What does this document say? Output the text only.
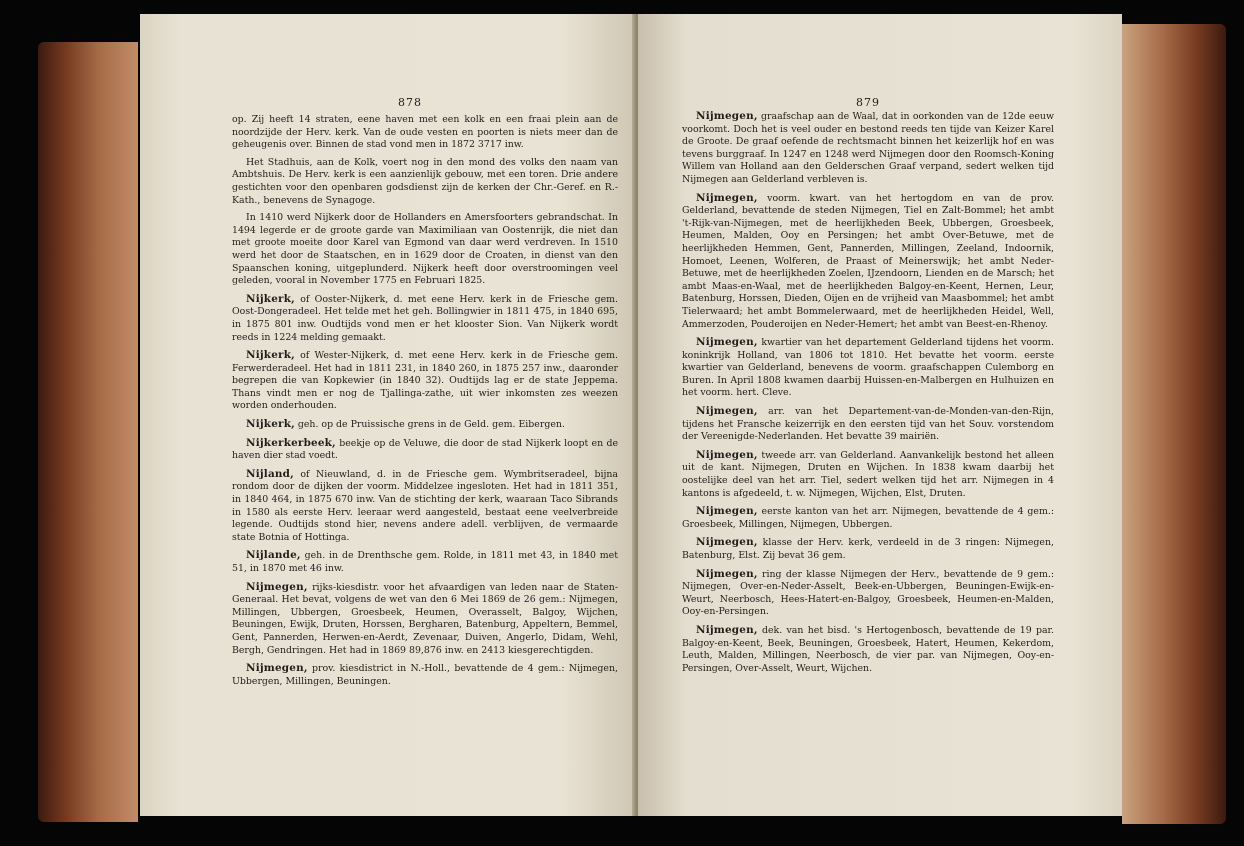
878

op. Zij heeft 14 straten, eene haven met een kolk en een fraai plein aan de noordzijde der Herv. kerk. Van de oude vesten en poorten is niets meer dan de geheugenis over. Binnen de stad vond men in 1872 3717 inw.

Het Stadhuis, aan de Kolk, voert nog in den mond des volks den naam van Ambtshuis. De Herv. kerk is een aanzienlijk gebouw, met een toren. Drie andere gestichten voor den openbaren godsdienst zijn de kerken der Chr.-Geref. en R.-Kath., benevens de Synagoge.

In 1410 werd Nijkerk door de Hollanders en Amersfoorters gebrandschat. In 1494 legerde er de groote garde van Maximiliaan van Oostenrijk, die niet dan met groote moeite door Karel van Egmond van daar werd verdreven. In 1510 werd het door de Staatschen, en in 1629 door de Croaten, in dienst van den Spaanschen koning, uitgeplunderd. Nijkerk heeft door overstroomingen veel geleden, vooral in November 1775 en Februari 1825.

Nijkerk, of Ooster-Nijkerk, d. met eene Herv. kerk in de Friesche gem. Oost-Dongeradeel. Het telde met het geh. Bollingwier in 1811 475, in 1840 695, in 1875 801 inw. Oudtijds vond men er het klooster Sion. Van Nijkerk wordt reeds in 1224 melding gemaakt.

Nijkerk, of Wester-Nijkerk, d. met eene Herv. kerk in de Friesche gem. Ferwerderadeel. Het had in 1811 231, in 1840 260, in 1875 257 inw., daaronder begrepen die van Kopkewier (in 1840 32). Oudtijds lag er de state Jeppema. Thans vindt men er nog de Tjallinga-zathe, uit wier inkomsten zes weezen worden onderhouden.

Nijkerk, geh. op de Pruissische grens in de Geld. gem. Eibergen.

Nijkerkerbeek, beekje op de Veluwe, die door de stad Nijkerk loopt en de haven dier stad voedt.

Nijland, of Nieuwland, d. in de Friesche gem. Wymbritseradeel, bijna rondom door de dijken der voorm. Middelzee ingesloten. Het had in 1811 351, in 1840 464, in 1875 670 inw. Van de stichting der kerk, waaraan Taco Sibrands in 1580 als eerste Herv. leeraar werd aangesteld, bestaat eene veelverbreide legende. Oudtijds stond hier, nevens andere adell. verblijven, de vermaarde state Botnia of Hottinga.

Nijlande, geh. in de Drenthsche gem. Rolde, in 1811 met 43, in 1840 met 51, in 1870 met 46 inw.

Nijmegen, rijks-kiesdistr. voor het afvaardigen van leden naar de Staten-Generaal. Het bevat, volgens de wet van den 6 Mei 1869 de 26 gem.: Nijmegen, Millingen, Ubbergen, Groesbeek, Heumen, Overasselt, Balgoy, Wijchen, Beuningen, Ewijk, Druten, Horssen, Bergharen, Batenburg, Appeltern, Bemmel, Gent, Pannerden, Herwen-en-Aerdt, Zevenaar, Duiven, Angerlo, Didam, Wehl, Bergh, Gendringen. Het had in 1869 89,876 inw. en 2413 kiesgerechtigden.

Nijmegen, prov. kiesdistrict in N.-Holl., bevattende de 4 gem.: Nijmegen, Ubbergen, Millingen, Beuningen.

879

Nijmegen, graafschap aan de Waal, dat in oorkonden van de 12de eeuw voorkomt. Doch het is veel ouder en bestond reeds ten tijde van Keizer Karel de Groote. De graaf oefende de rechtsmacht binnen het keizerlijk hof en was tevens burggraaf. In 1247 en 1248 werd Nijmegen door den Roomsch-Koning Willem van Holland aan den Gelderschen Graaf verpand, sedert welken tijd Nijmegen aan Gelderland verbleven is.

Nijmegen, voorm. kwart. van het hertogdom en van de prov. Gelderland, bevattende de steden Nijmegen, Tiel en Zalt-Bommel; het ambt 't-Rijk-van-Nijmegen, met de heerlijkheden Beek, Ubbergen, Groesbeek, Heumen, Malden, Ooy en Persingen; het ambt Over-Betuwe, met de heerlijkheden Hemmen, Gent, Pannerden, Millingen, Zeeland, Indoornik, Homoet, Leenen, Wolferen, de Praast of Meinerswijk; het ambt Neder-Betuwe, met de heerlijkheden Zoelen, IJzendoorn, Lienden en de Marsch; het ambt Maas-en-Waal, met de heerlijkheden Balgoy-en-Keent, Hernen, Leur, Batenburg, Horssen, Dieden, Oijen en de vrijheid van Maasbommel; het ambt Tielerwaard; het ambt Bommelerwaard, met de heerlijkheden Heidel, Well, Ammerzoden, Pouderoijen en Neder-Hemert; het ambt van Beest-en-Rhenoy.

Nijmegen, kwartier van het departement Gelderland tijdens het voorm. koninkrijk Holland, van 1806 tot 1810. Het bevatte het voorm. eerste kwartier van Gelderland, benevens de voorm. graafschappen Culemborg en Buren. In April 1808 kwamen daarbij Huissen-en-Malbergen en Hulhuizen en het voorm. hert. Cleve.

Nijmegen, arr. van het Departement-van-de-Monden-van-den-Rijn, tijdens het Fransche keizerrijk en den eersten tijd van het Souv. vorstendom der Vereenigde-Nederlanden. Het bevatte 39 mairiën.

Nijmegen, tweede arr. van Gelderland. Aanvankelijk bestond het alleen uit de kant. Nijmegen, Druten en Wijchen. In 1838 kwam daarbij het oostelijke deel van het arr. Tiel, sedert welken tijd het arr. Nijmegen in 4 kantons is afgedeeld, t. w. Nijmegen, Wijchen, Elst, Druten.

Nijmegen, eerste kanton van het arr. Nijmegen, bevattende de 4 gem.: Groesbeek, Millingen, Nijmegen, Ubbergen.

Nijmegen, klasse der Herv. kerk, verdeeld in de 3 ringen: Nijmegen, Batenburg, Elst. Zij bevat 36 gem.

Nijmegen, ring der klasse Nijmegen der Herv., bevattende de 9 gem.: Nijmegen, Over-en-Neder-Asselt, Beek-en-Ubbergen, Beuningen-Ewijk-en-Weurt, Neerbosch, Hees-Hatert-en-Balgoy, Groesbeek, Heumen-en-Malden, Ooy-en-Persingen.

Nijmegen, dek. van het bisd. 's Hertogenbosch, bevattende de 19 par. Balgoy-en-Keent, Beek, Beuningen, Groesbeek, Hatert, Heumen, Kekerdom, Leuth, Malden, Millingen, Neerbosch, de vier par. van Nijmegen, Ooy-en-Persingen, Over-Asselt, Weurt, Wijchen.
